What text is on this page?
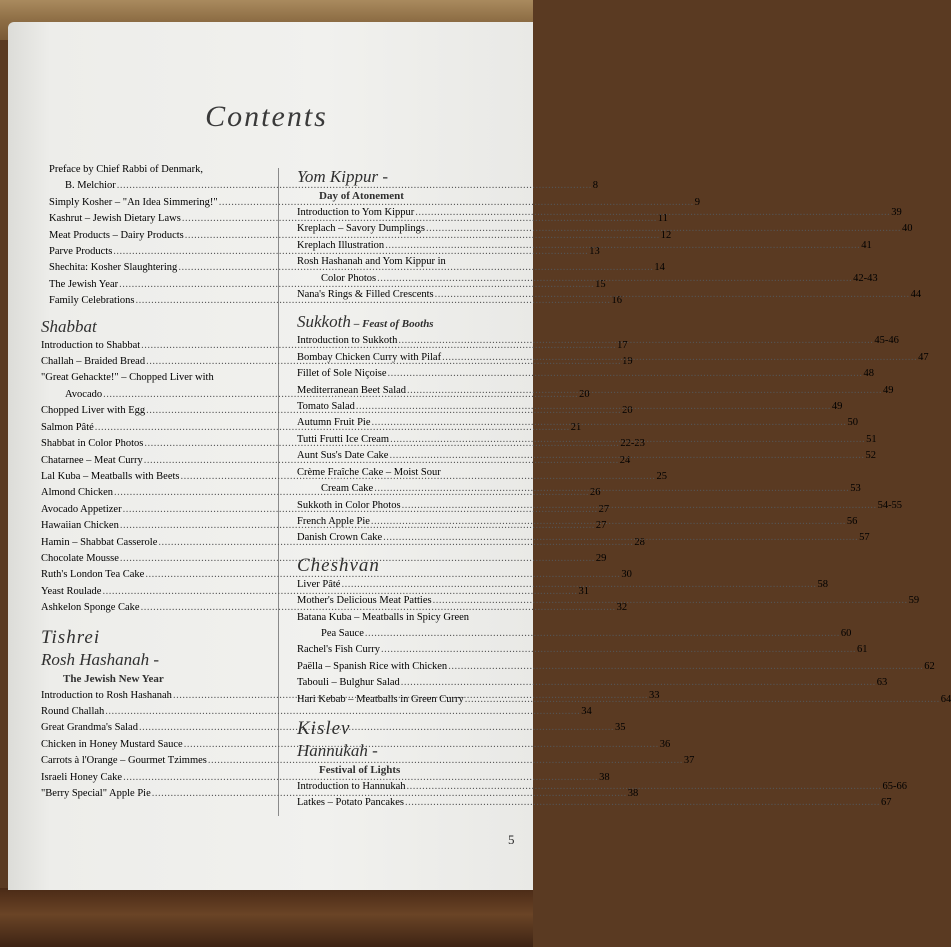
Contents
Preface by Chief Rabbi of Denmark,
B. Melchior .....	8
Simply Kosher – "An Idea Simmering!" .....	9
Kashrut – Jewish Dietary Laws .....	11
Meat Products – Dairy Products .....	12
Parve Products .....	13
Shechita: Kosher Slaughtering .....	14
The Jewish Year .....	15
Family Celebrations .....	16
Shabbat
Introduction to Shabbat .....	17
Challah – Braided Bread .....	19
"Great Gehackte!" – Chopped Liver with
Avocado .....	20
Chopped Liver with Egg .....	20
Salmon Pâté .....	21
Shabbat in Color Photos .....	22-23
Chatarnee – Meat Curry .....	24
Lal Kuba – Meatballs with Beets .....	25
Almond Chicken .....	26
Avocado Appetizer .....	27
Hawaiian Chicken .....	27
Hamin – Shabbat Casserole .....	28
Chocolate Mousse .....	29
Ruth's London Tea Cake .....	30
Yeast Roulade .....	31
Ashkelon Sponge Cake .....	32
Tishrei
Rosh Hashanah -
The Jewish New Year
Introduction to Rosh Hashanah .....	33
Round Challah .....	34
Great Grandma's Salad .....	35
Chicken in Honey Mustard Sauce .....	36
Carrots à l'Orange – Gourmet Tzimmes .....	37
Israeli Honey Cake .....	38
"Berry Special" Apple Pie .....	38
Yom Kippur -
Day of Atonement
Introduction to Yom Kippur .....	39
Kreplach – Savory Dumplings .....	40
Kreplach Illustration .....	41
Rosh Hashanah and Yom Kippur in
Color Photos .....	42-43
Nana's Rings & Filled Crescents .....	44
Sukkoth – Feast of Booths
Introduction to Sukkoth .....	45-46
Bombay Chicken Curry with Pilaf .....	47
Fillet of Sole Niçoise .....	48
Mediterranean Beet Salad .....	49
Tomato Salad .....	49
Autumn Fruit Pie .....	50
Tutti Frutti Ice Cream .....	51
Aunt Sus's Date Cake .....	52
Crème Fraîche Cake – Moist Sour
Cream Cake .....	53
Sukkoth in Color Photos .....	54-55
French Apple Pie .....	56
Danish Crown Cake .....	57
Cheshvan
Liver Pâté .....	58
Mother's Delicious Meat Patties .....	59
Batana Kuba – Meatballs in Spicy Green
Pea Sauce .....	60
Rachel's Fish Curry .....	61
Paëlla – Spanish Rice with Chicken .....	62
Tabouli – Bulghur Salad .....	63
Hari Kebab – Meatballs in Green Curry .....	64
Kislev
Hannukah -
Festival of Lights
Introduction to Hannukah .....	65-66
Latkes – Potato Pancakes .....	67
5
